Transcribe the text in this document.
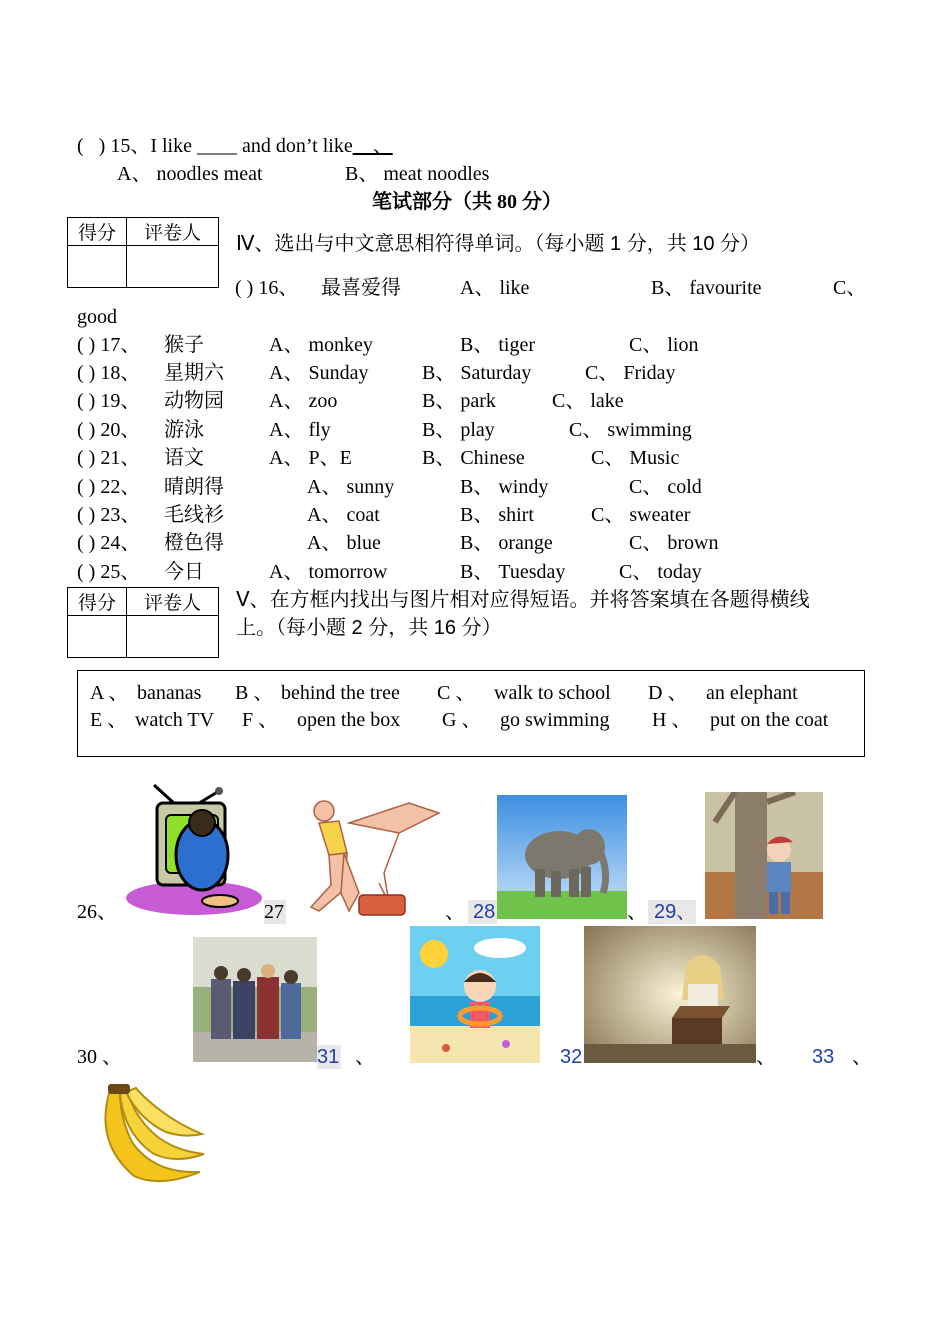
( ) 15、I like ____ and don’t like__、
A、 noodles meat	B、 meat noodles
笔试部分（共 80 分）
得分	评卷人
	Ⅳ、选出与中文意思相符得单词。（每小题 1 分，共 10 分）
( ) 16、 最喜爱得	A、 like	B、 favourite	C、
good
( ) 17、 猴子	A、 monkey	B、 tiger	C、 lion
( ) 18、 星期六 A、 Sunday	B、 Saturday	C、 Friday
( ) 19、 动物园 A、 zoo	B、 park	C、 lake
( ) 20、 游泳	A、 fly	B、 play	C、 swimming
( ) 21、 语文	A、 P、E	B、 Chinese	C、 Music
( ) 22、 晴朗得	A、 sunny	B、 windy	C、 cold
( ) 23、 毛线衫	A、 coat	B、 shirt	C、 sweater
( ) 24、 橙色得	A、 blue	B、 orange	C、 brown
( ) 25、 今日	A、 tomorrow	B、 Tuesday	C、 today
得分	评卷人
	Ⅴ、在方框内找出与图片相对应得短语。并将答案填在各题得横线
上。（每小题 2 分，共 16 分）
A 、 bananas B 、 behind the tree C 、 walk to school D 、 an elephant
E 、 watch TV F 、 open the box G 、 go swimming H 、 put on the coat
26、	27	、 28	、 29、
30 、	31 、	32	、 33 、
